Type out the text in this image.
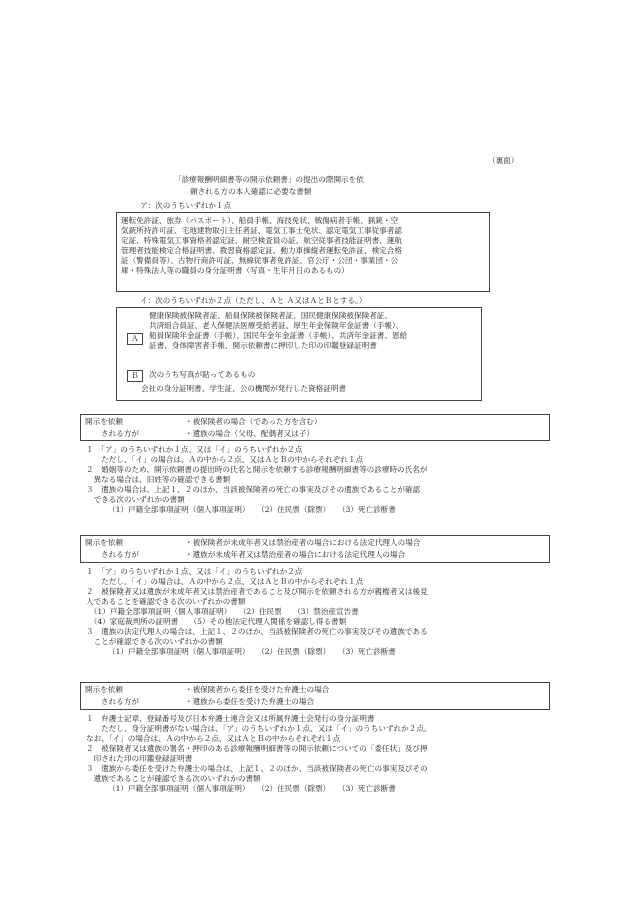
（裏面）
「診療報酬明細書等の開示依頼書」の提出の際開示を依
頼される方の本人確認に必要な書類
ア：次のうちいずれか１点
運転免許証、旅券（パスポート）、船員手帳、海技免状、戦傷病者手帳、猟銃・空
気銃所持許可証、宅地建物取引主任者証、電気工事士免状、認定電気工事従事者認
定証、特殊電気工事資格者認定証、耐空検査員の証、航空従事者技能証明書、運航
管理者技能検定合格証明書、教習資格認定証、動力車操縦者運転免許証、検定合格
証（警備員等）、古物行商許可証、無線従事者免許証、官公庁・公団・事業団・公
庫・特殊法人等の職員の身分証明書（写真・生年月日のあるもの）
イ：次のうちいずれか２点（ただし、Ａと Ａ又はＡとＢとする。）
Ａ
健康保険被保険者証、船員保険被保険者証、国民健康保険被保険者証、
共済組合員証、老人保健法医療受給者証、厚生年金保険年金証書（手帳）、
船員保険年金証書（手帳）、国民年金年金証書（手帳）、共済年金証書、恩給
証書、身体障害者手帳、開示依頼書に押印した印の印鑑登録証明書
Ｂ	次のうち写真が貼ってあるもの
会社の身分証明書、学生証、公の機関が発行した資格証明書
開示を依頼
される方が
・被保険者の場合（であった方を含む）
・遺族の場合（父母、配偶者又は子）
１　「ア」のうちいずれか１点、又は「イ」のうちいずれか２点
　　ただし、「イ」の場合は、Ａの中から２点、又はＡとＢの中からそれぞれ１点
２　婚姻等のため、開示依頼書の提出時の氏名と開示を依頼する診療報酬明細書等の診療時の氏名が
　異なる場合は、旧姓等の確認できる書類
３　遺族の場合は、上記１、２のほか、当該被保険者の死亡の事実及びその遺族であることが確認
　できる次のいずれかの書類
（1）戸籍全部事項証明（個人事項証明）　　（2）住民票（除票）　　（3）死亡診断書
開示を依頼
される方が
・被保険者が未成年者又は禁治産者の場合における法定代理人の場合
・遺族が未成年者又は禁治産者の場合における法定代理人の場合
１　「ア」のうちいずれか１点、又は「イ」のうちいずれか２点
　　ただし、「イ」の場合は、Ａの中から２点、又はＡとＢの中からそれぞれ１点
２　被保険者又は遺族が未成年者又は禁治産者であること及び開示を依頼される方が親権者又は後見
人であることを確認できる次のいずれかの書類
　（1）戸籍全部事項証明（個人事項証明）　　（2）住民票　　（3）禁治産宣告書
　（4）家庭裁判所の証明書　　（5）その他法定代理人関係を確認し得る書類
３　遺族の法定代理人の場合は、上記１、２のほか、当該被保険者の死亡の事実及びその遺族である
　ことが確認できる次のいずれかの書類
（1）戸籍全部事項証明（個人事項証明）　　（2）住民票（除票）　　（3）死亡診断書
開示を依頼
される方が
・被保険者から委任を受けた弁護士の場合
・遺族から委任を受けた弁護士の場合
１　弁護士記章、登録番号及び日本弁護士連合会又は所属弁護士会発行の身分証明書
　　ただし、身分証明書がない場合は、「ア」のうちいずれか１点、又は「イ」のうちいずれか２点。
なお、「イ」の場合は、Ａの中から２点、又はＡとＢの中からそれぞれ１点
２　被保険者又は遺族の署名・押印のある診療報酬明細書等の開示依頼についての「委任状」及び押
　印された印の印鑑登録証明書
３　遺族から委任を受けた弁護士の場合は、上記１、２のほか、当該被保険者の死亡の事実及びその
　遺族であることが確認できる次のいずれかの書類
（1）戸籍全部事項証明（個人事項証明）　　（2）住民票（除票）　　（3）死亡診断書
